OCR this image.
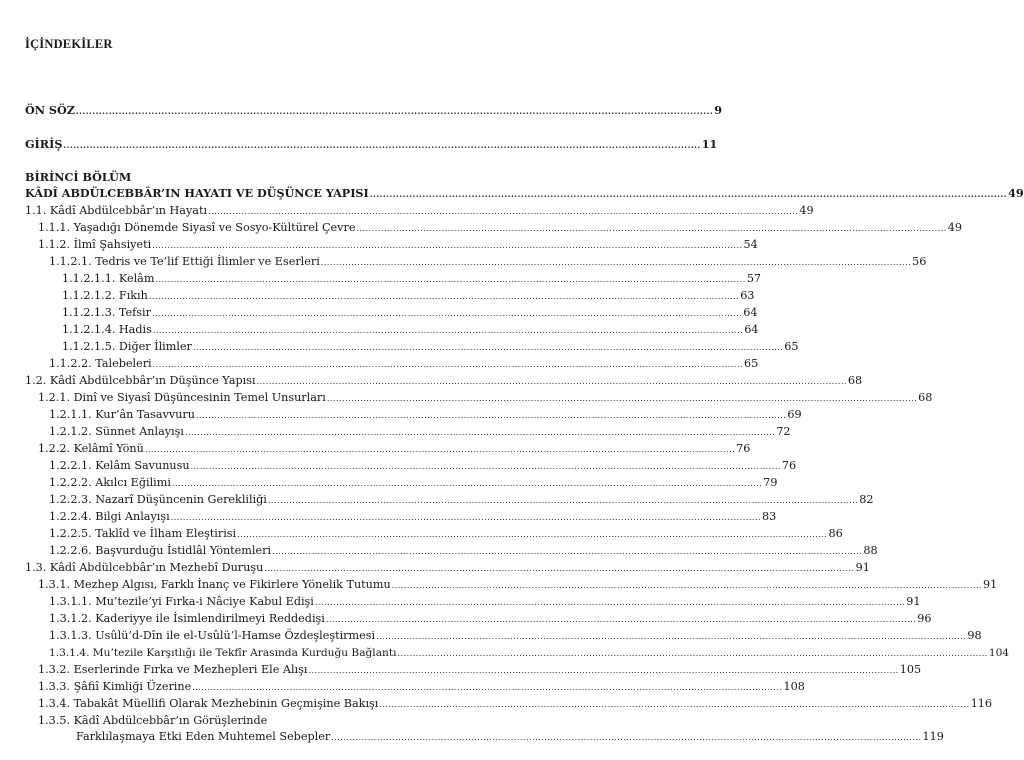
İÇİNDEKİLER
ÖN SÖZ .................................................................................................................................................................................................. 9
GİRİŞ .................................................................................................................................................................................................. 11
BİRİNCİ BÖLÜM
KÂDÎ ABDÜLCEBBÂR’IN HAYATI VE DÜŞÜNCE YAPISI .................................................................................................................................................................................................. 49
1.1. Kâdî Abdülcebbâr’ın Hayatı .................................................................................................................................................................................................. 49
1.1.1. Yaşadığı Dönemde Siyasî ve Sosyo-Kültürel Çevre .................................................................................................................................................................................................. 49
1.1.2. İlmî Şahsiyeti .................................................................................................................................................................................................. 54
1.1.2.1. Tedris ve Te’lif Ettiği İlimler ve Eserleri .................................................................................................................................................................................................. 56
1.1.2.1.1. Kelâm .................................................................................................................................................................................................. 57
1.1.2.1.2. Fıkıh .................................................................................................................................................................................................. 63
1.1.2.1.3. Tefsir .................................................................................................................................................................................................. 64
1.1.2.1.4. Hadis .................................................................................................................................................................................................. 64
1.1.2.1.5. Diğer İlimler .................................................................................................................................................................................................. 65
1.1.2.2. Talebeleri .................................................................................................................................................................................................. 65
1.2. Kâdî Abdülcebbâr’ın Düşünce Yapısı .................................................................................................................................................................................................. 68
1.2.1. Dinî ve Siyasî Düşüncesinin Temel Unsurları .................................................................................................................................................................................................. 68
1.2.1.1. Kur’ân Tasavvuru .................................................................................................................................................................................................. 69
1.2.1.2. Sünnet Anlayışı .................................................................................................................................................................................................. 72
1.2.2. Kelâmî Yönü .................................................................................................................................................................................................. 76
1.2.2.1. Kelâm Savunusu .................................................................................................................................................................................................. 76
1.2.2.2. Akılcı Eğilimi .................................................................................................................................................................................................. 79
1.2.2.3. Nazarî Düşüncenin Gerekliliği .................................................................................................................................................................................................. 82
1.2.2.4. Bilgi Anlayışı .................................................................................................................................................................................................. 83
1.2.2.5. Taklîd ve İlham Eleştirisi .................................................................................................................................................................................................. 86
1.2.2.6. Başvurduğu İstidlâl Yöntemleri .................................................................................................................................................................................................. 88
1.3. Kâdî Abdülcebbâr’ın Mezhebî Duruşu .................................................................................................................................................................................................. 91
1.3.1. Mezhep Algısı, Farklı İnanç ve Fikirlere Yönelik Tutumu .................................................................................................................................................................................................. 91
1.3.1.1. Mu’tezile’yi Fırka-i Nâciye Kabul Edişi .................................................................................................................................................................................................. 91
1.3.1.2. Kaderiyye ile İsimlendirilmeyi Reddedişi .................................................................................................................................................................................................. 96
1.3.1.3. Usûlü’d-Dîn ile el-Usûlü’l-Hamse Özdeşleştirmesi .................................................................................................................................................................................................. 98
1.3.1.4. Mu’tezile Karşıtlığı ile Tekfîr Arasında Kurduğu Bağlantı .................................................................................................................................................................................................. 104
1.3.2. Eserlerinde Fırka ve Mezhepleri Ele Alışı .................................................................................................................................................................................................. 105
1.3.3. Şâfiî Kimliği Üzerine .................................................................................................................................................................................................. 108
1.3.4. Tabakât Müellifi Olarak Mezhebinin Geçmişine Bakışı .................................................................................................................................................................................................. 116
1.3.5. Kâdî Abdülcebbâr’ın Görüşlerinde
Farklılaşmaya Etki Eden Muhtemel Sebepler .................................................................................................................................................................................................. 119
